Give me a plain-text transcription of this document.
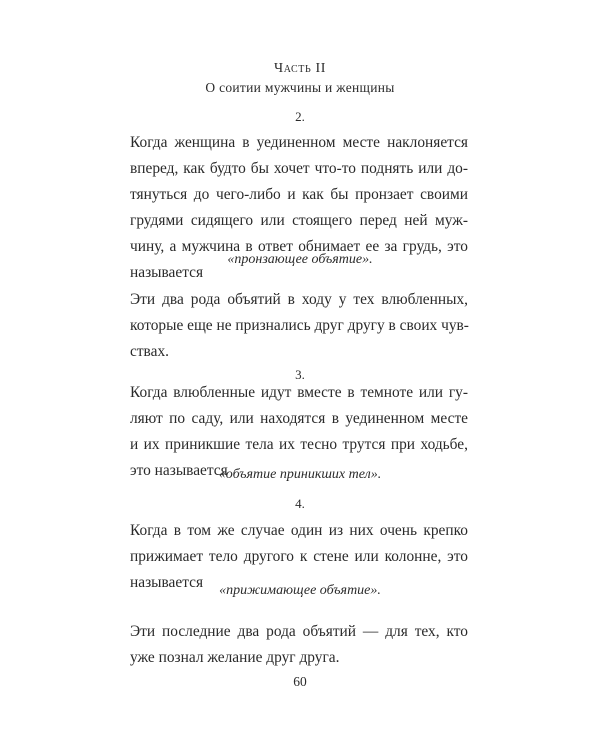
Часть II
О соитии мужчины и женщины
2.
Когда женщина в уединенном месте наклоняется
вперед, как будто бы хочет что-то поднять или до-
тянуться до чего-либо и как бы пронзает своими
грудями сидящего или стоящего перед ней муж-
чину, а мужчина в ответ обнимает ее за грудь, это
называется
«пронзающее объятие».
Эти два рода объятий в ходу у тех влюбленных,
которые еще не признались друг другу в своих чув-
ствах.
3.
Когда влюбленные идут вместе в темноте или гу-
ляют по саду, или находятся в уединенном месте
и их приникшие тела их тесно трутся при ходьбе,
это называется
«объятие приникших тел».
4.
Когда в том же случае один из них очень крепко
прижимает тело другого к стене или колонне, это
называется	«прижимающее объятие».
Эти последние два рода объятий — для тех, кто
уже познал желание друг друга.
60
